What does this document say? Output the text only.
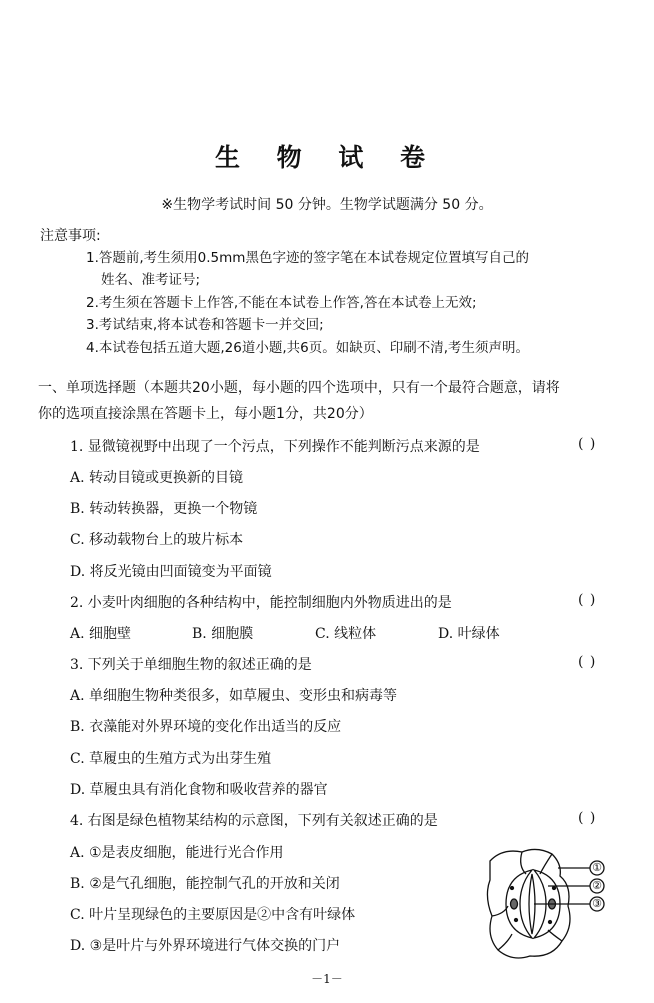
生 物 试 卷
※生物学考试时间 50 分钟。生物学试题满分 50 分。
注意事项:
1.答题前,考生须用0.5mm黑色字迹的签字笔在本试卷规定位置填写自己的
姓名、准考证号;
2.考生须在答题卡上作答,不能在本试卷上作答,答在本试卷上无效;
3.考试结束,将本试卷和答题卡一并交回;
4.本试卷包括五道大题,26道小题,共6页。如缺页、印刷不清,考生须声明。
一、单项选择题（本题共20小题，每小题的四个选项中，只有一个最符合题意，请将
你的选项直接涂黑在答题卡上，每小题1分，共20分）
1. 显微镜视野中出现了一个污点，下列操作不能判断污点来源的是	( )
A. 转动目镜或更换新的目镜
B. 转动转换器，更换一个物镜
C. 移动载物台上的玻片标本
D. 将反光镜由凹面镜变为平面镜
2. 小麦叶肉细胞的各种结构中，能控制细胞内外物质进出的是	( )
A. 细胞壁	B. 细胞膜	C. 线粒体	D. 叶绿体
3. 下列关于单细胞生物的叙述正确的是	( )
A. 单细胞生物种类很多，如草履虫、变形虫和病毒等
B. 衣藻能对外界环境的变化作出适当的反应
C. 草履虫的生殖方式为出芽生殖
D. 草履虫具有消化食物和吸收营养的器官
4. 右图是绿色植物某结构的示意图，下列有关叙述正确的是	( )
A. ①是表皮细胞，能进行光合作用
B. ②是气孔细胞，能控制气孔的开放和关闭
C. 叶片呈现绿色的主要原因是②中含有叶绿体
D. ③是叶片与外界环境进行气体交换的门户
①
②
③
－1－
